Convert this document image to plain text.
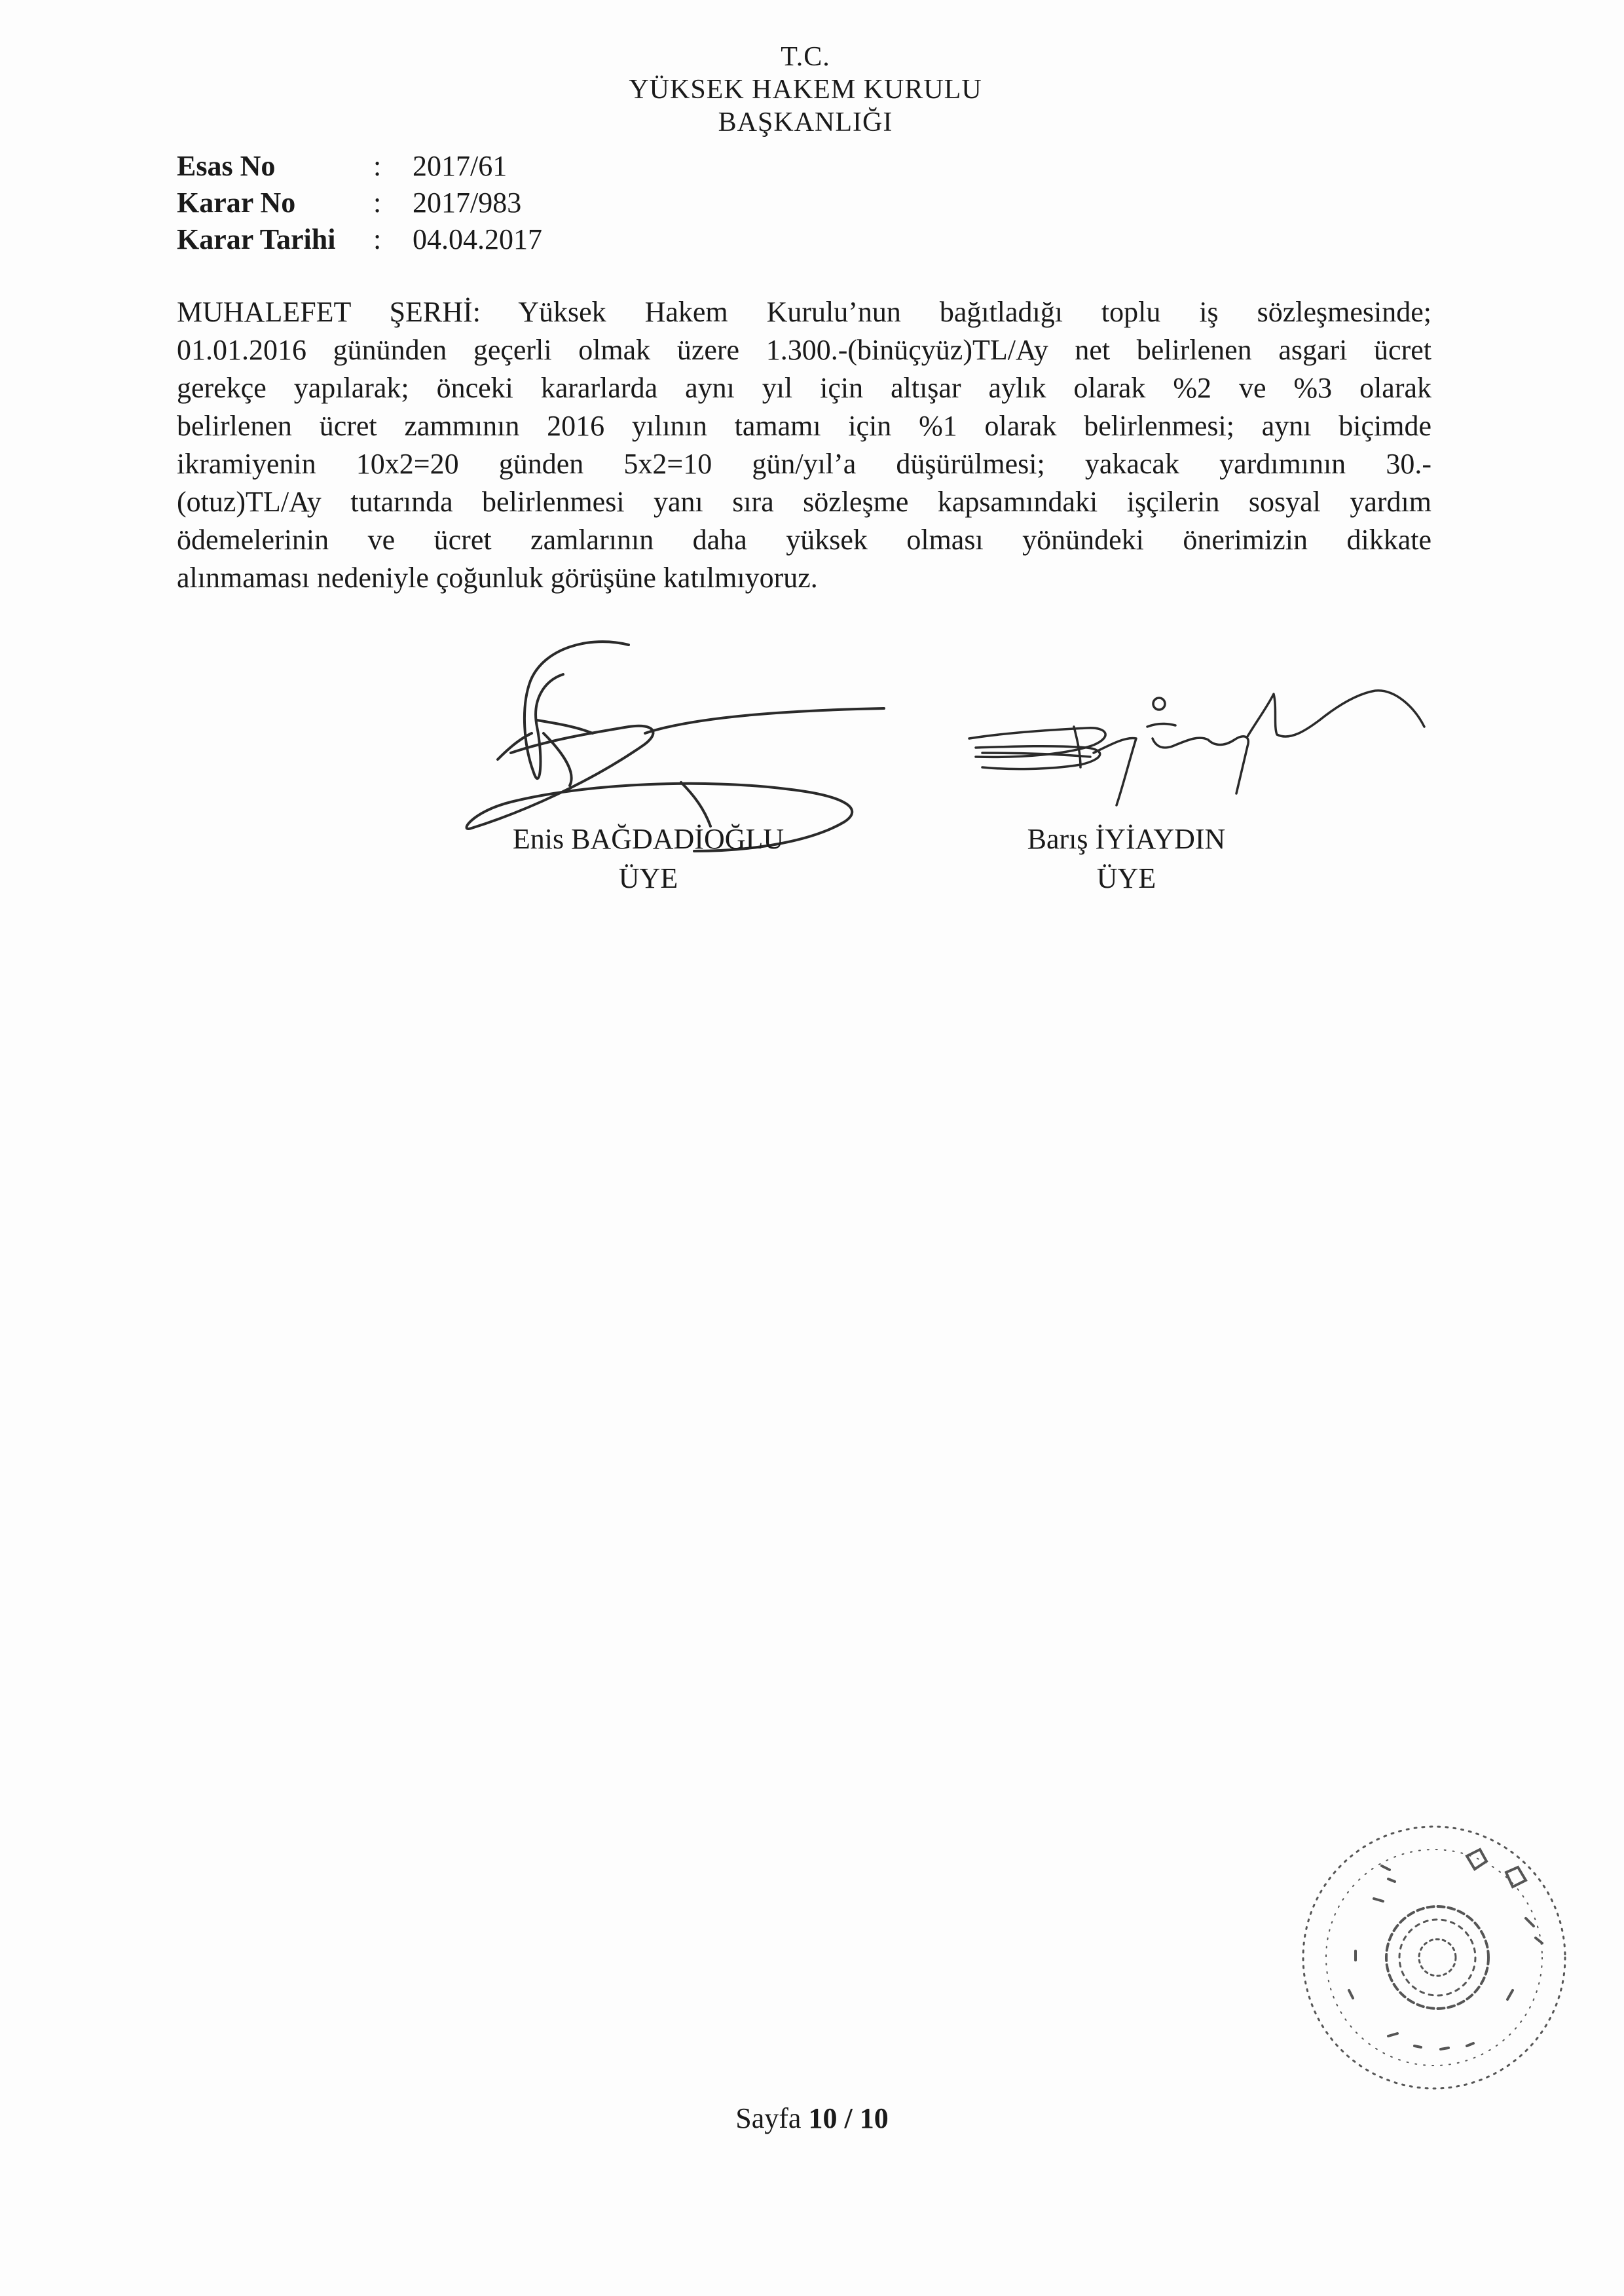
T.C.
YÜKSEK HAKEM KURULU
BAŞKANLIĞI
Esas No	:	2017/61
Karar No	:	2017/983
Karar Tarihi	:	04.04.2017
MUHALEFET ŞERHİ: Yüksek Hakem Kurulu’nun bağıtladığı toplu iş sözleşmesinde;
01.01.2016 gününden geçerli olmak üzere 1.300.-(binüçyüz)TL/Ay net belirlenen asgari ücret
gerekçe yapılarak; önceki kararlarda aynı yıl için altışar aylık olarak %2 ve %3 olarak
belirlenen ücret zammının 2016 yılının tamamı için %1 olarak belirlenmesi; aynı biçimde
ikramiyenin 10x2=20 günden 5x2=10 gün/yıl’a düşürülmesi; yakacak yardımının 30.-
(otuz)TL/Ay tutarında belirlenmesi yanı sıra sözleşme kapsamındaki işçilerin sosyal yardım
ödemelerinin ve ücret zamlarının daha yüksek olması yönündeki önerimizin dikkate
alınmaması nedeniyle çoğunluk görüşüne katılmıyoruz.
Enis BAĞDADİOĞLU
ÜYE
Barış İYİAYDIN
ÜYE
Sayfa 10 / 10
